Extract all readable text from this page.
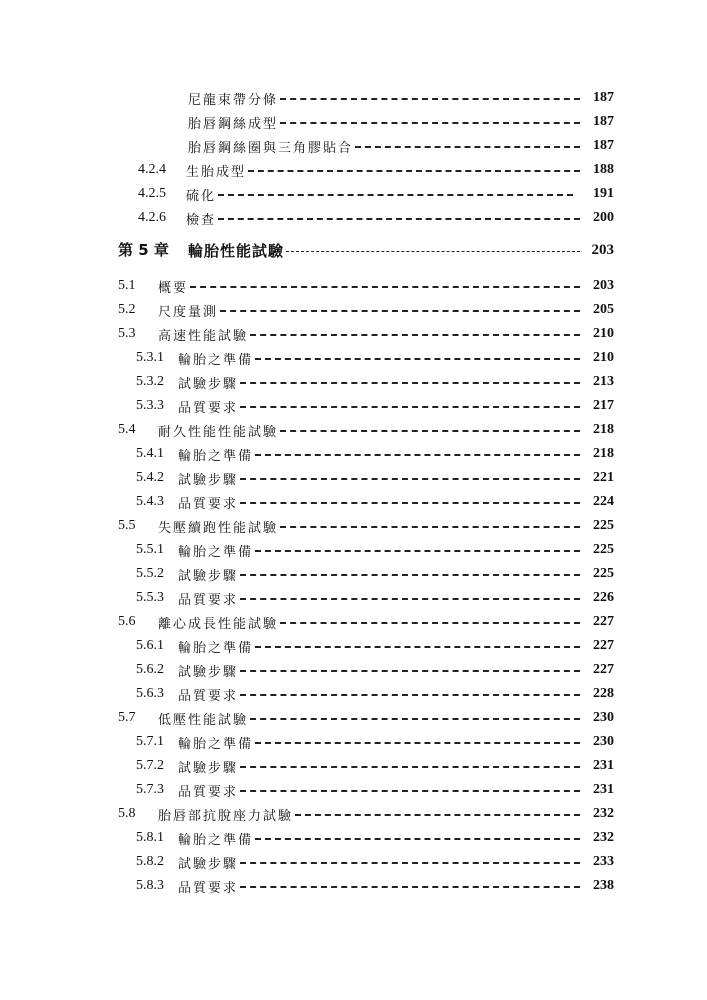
尼龍束帶分條	187
胎唇鋼絲成型	187
胎唇鋼絲圈與三角膠貼合	187
4.2.4 生胎成型	188
4.2.5 硫化	191
4.2.6 檢查	200
第 5 章 輪胎性能試驗	203
5.1 概要	203
5.2 尺度量測	205
5.3 高速性能試驗	210
5.3.1 輪胎之準備	210
5.3.2 試驗步驟	213
5.3.3 品質要求	217
5.4 耐久性能性能試驗	218
5.4.1 輪胎之準備	218
5.4.2 試驗步驟	221
5.4.3 品質要求	224
5.5 失壓續跑性能試驗	225
5.5.1 輪胎之準備	225
5.5.2 試驗步驟	225
5.5.3 品質要求	226
5.6 離心成長性能試驗	227
5.6.1 輪胎之準備	227
5.6.2 試驗步驟	227
5.6.3 品質要求	228
5.7 低壓性能試驗	230
5.7.1 輪胎之準備	230
5.7.2 試驗步驟	231
5.7.3 品質要求	231
5.8 胎唇部抗脫座力試驗	232
5.8.1 輪胎之準備	232
5.8.2 試驗步驟	233
5.8.3 品質要求	238
